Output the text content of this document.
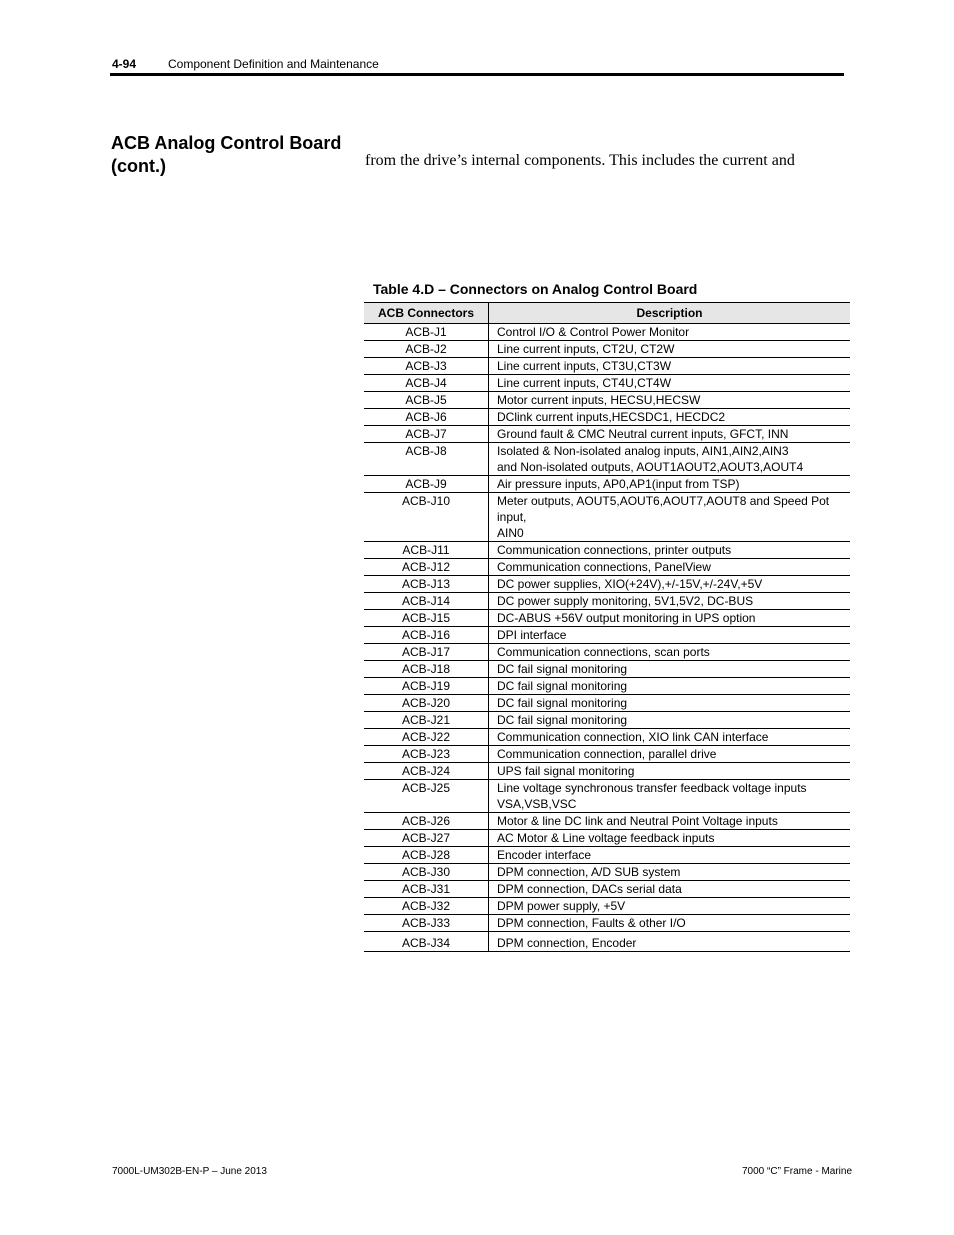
4-94	Component Definition and Maintenance
ACB Analog Control Board
(cont.)	from the drive’s internal components. This includes the current and
Table 4.D – Connectors on Analog Control Board
ACB Connectors	Description
ACB-J1	Control I/O & Control Power Monitor

ACB-J2	Line current inputs, CT2U, CT2W

ACB-J3	Line current inputs, CT3U,CT3W

ACB-J4	Line current inputs, CT4U,CT4W

ACB-J5	Motor current inputs, HECSU,HECSW

ACB-J6	DClink current inputs,HECSDC1, HECDC2

ACB-J7	Ground fault & CMC Neutral current inputs, GFCT, INN

ACB-J8	Isolated & Non-isolated analog inputs, AIN1,AIN2,AIN3
and Non-isolated outputs, AOUT1AOUT2,AOUT3,AOUT4

ACB-J9	Air pressure inputs, AP0,AP1(input from TSP)

ACB-J10	Meter outputs, AOUT5,AOUT6,AOUT7,AOUT8 and Speed Pot input,
AIN0

ACB-J11	Communication connections, printer outputs

ACB-J12	Communication connections, PanelView

ACB-J13	DC power supplies, XIO(+24V),+/-15V,+/-24V,+5V

ACB-J14	DC power supply monitoring, 5V1,5V2, DC-BUS

ACB-J15	DC-ABUS +56V output monitoring in UPS option

ACB-J16	DPI interface

ACB-J17	Communication connections, scan ports

ACB-J18	DC fail signal monitoring

ACB-J19	DC fail signal monitoring

ACB-J20	DC fail signal monitoring

ACB-J21	DC fail signal monitoring

ACB-J22	Communication connection, XIO link CAN interface

ACB-J23	Communication connection, parallel drive

ACB-J24	UPS fail signal monitoring

ACB-J25	Line voltage synchronous transfer feedback voltage inputs
VSA,VSB,VSC

ACB-J26	Motor & line DC link and Neutral Point Voltage inputs

ACB-J27	AC Motor & Line voltage feedback inputs

ACB-J28	Encoder interface

ACB-J30	DPM connection, A/D SUB system

ACB-J31	DPM connection, DACs serial data

ACB-J32	DPM power supply, +5V

ACB-J33	DPM connection, Faults & other I/O

ACB-J34	DPM connection, Encoder
7000L-UM302B-EN-P – June 2013	7000 “C” Frame - Marine
